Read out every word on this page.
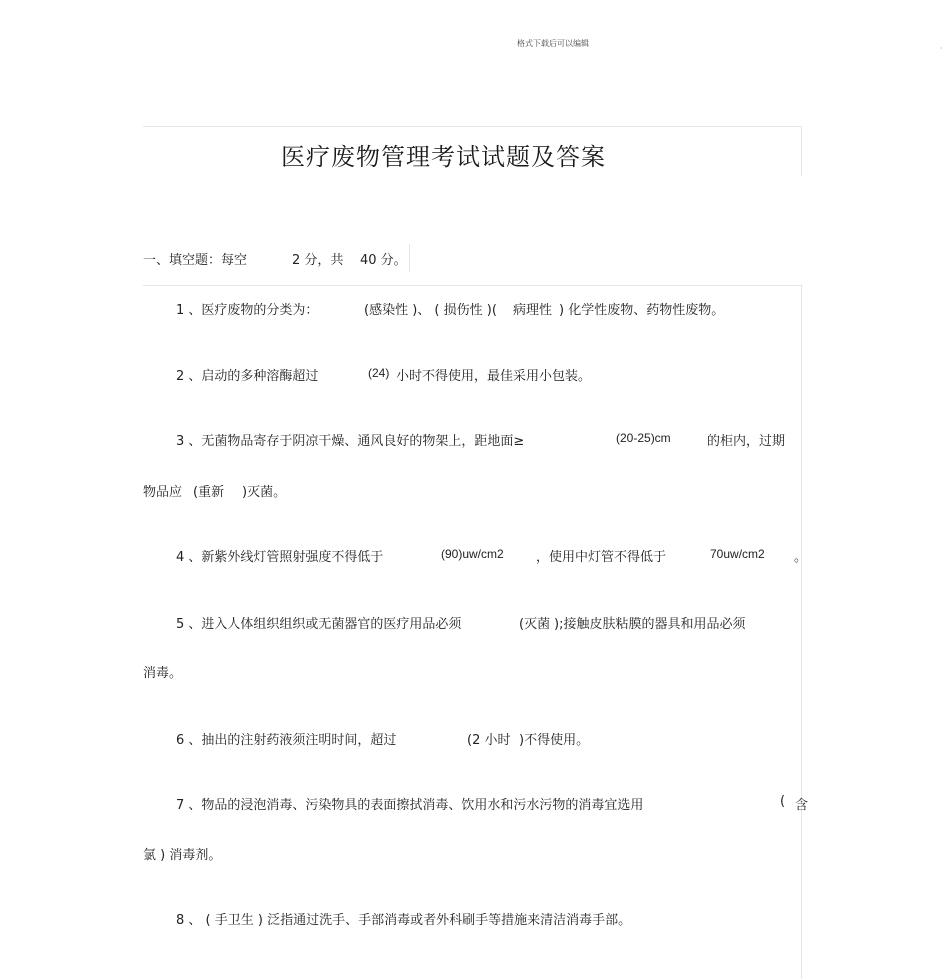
格式下载后可以编辑
·
医疗废物管理考试试题及答案
一、填空题：每空	2 分，共 40 分。
1 、医疗废物的分类为：	(感染性 )、 ( 损伤性 )( 病理性 ) 化学性废物、药物性废物。
2 、启动的多种溶酶超过	(24) 小时不得使用，最佳采用小包装。
3 、无菌物品寄存于阴凉干燥、通风良好的物架上，距地面≥	(20-25)cm	的柜内，过期
物品应 (重新 )灭菌。
4 、新紫外线灯管照射强度不得低于	(90)uw/cm2 ，使用中灯管不得低于	70uw/cm2 。
5 、进入人体组织组织或无菌器官的医疗用品必须	(灭菌 );接触皮肤粘膜的器具和用品必须
消毒。
6 、抽出的注射药液须注明时间，超过	(2 小时 )不得使用。
7 、物品的浸泡消毒、污染物具的表面擦拭消毒、饮用水和污水污物的消毒宜选用	( 含
氯 ) 消毒剂。
8 、 ( 手卫生 ) 泛指通过洗手、手部消毒或者外科刷手等措施来清洁消毒手部。
